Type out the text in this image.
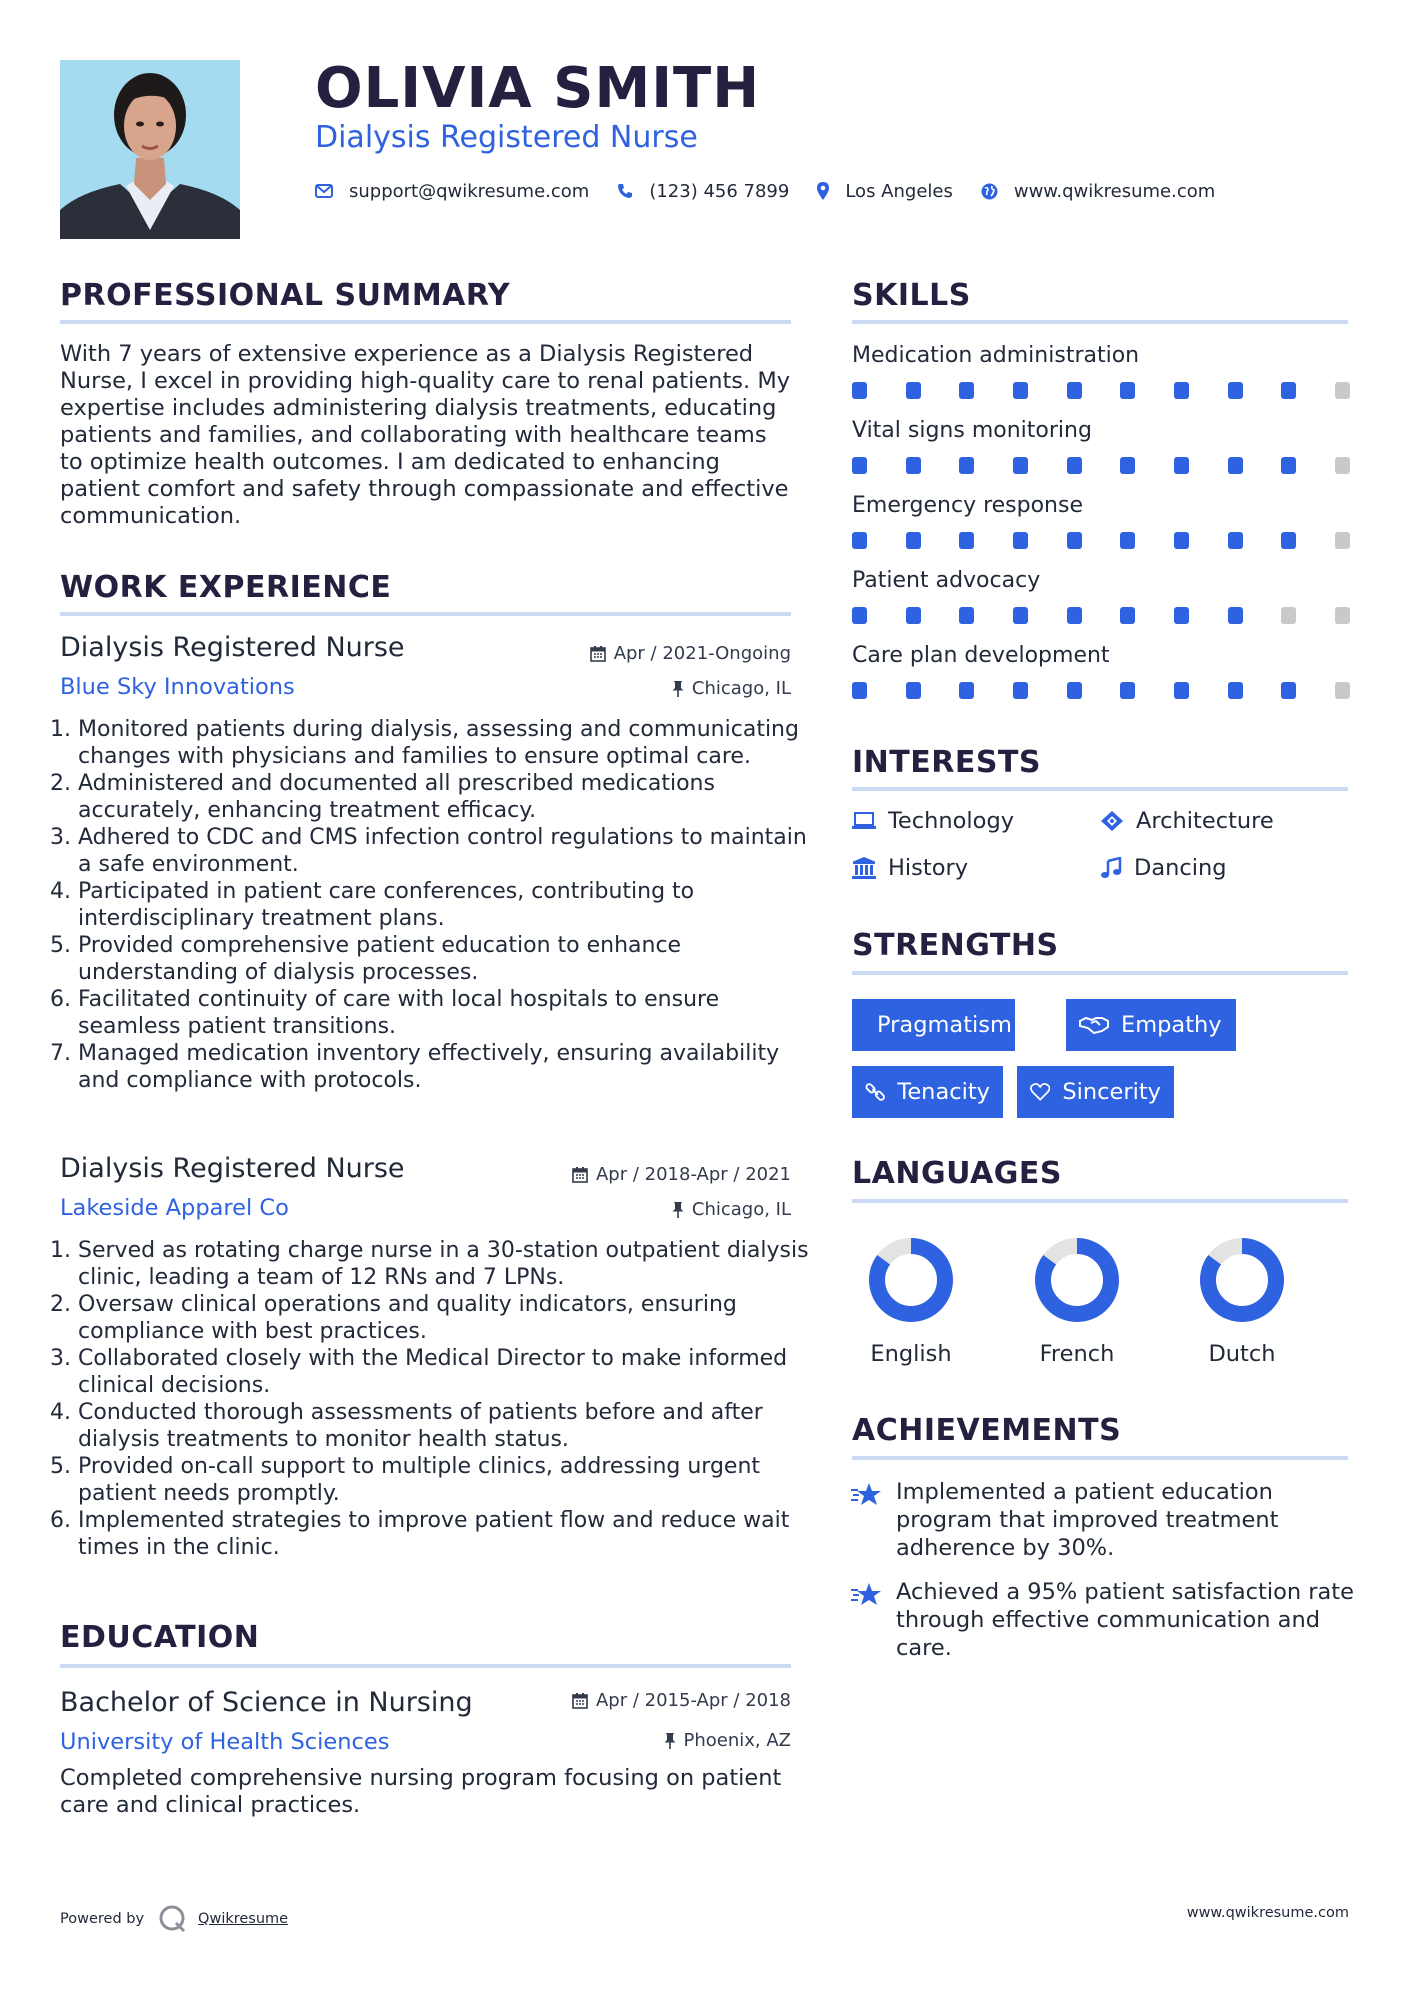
OLIVIA SMITH
Dialysis Registered Nurse
support@qwikresume.com	(123) 456 7899	Los Angeles	www.qwikresume.com
PROFESSIONAL SUMMARY
With 7 years of extensive experience as a Dialysis Registered Nurse, I excel in providing high-quality care to renal patients. My expertise includes administering dialysis treatments, educating patients and families, and collaborating with healthcare teams to optimize health outcomes. I am dedicated to enhancing patient comfort and safety through compassionate and effective communication.
WORK EXPERIENCE
Dialysis Registered Nurse	Apr / 2021-Ongoing
Blue Sky Innovations	Chicago, IL
1. Monitored patients during dialysis, assessing and communicating changes with physicians and families to ensure optimal care.
2. Administered and documented all prescribed medications accurately, enhancing treatment efficacy.
3. Adhered to CDC and CMS infection control regulations to maintain a safe environment.
4. Participated in patient care conferences, contributing to interdisciplinary treatment plans.
5. Provided comprehensive patient education to enhance understanding of dialysis processes.
6. Facilitated continuity of care with local hospitals to ensure seamless patient transitions.
7. Managed medication inventory effectively, ensuring availability and compliance with protocols.
Dialysis Registered Nurse	Apr / 2018-Apr / 2021
Lakeside Apparel Co	Chicago, IL
1. Served as rotating charge nurse in a 30-station outpatient dialysis clinic, leading a team of 12 RNs and 7 LPNs.
2. Oversaw clinical operations and quality indicators, ensuring compliance with best practices.
3. Collaborated closely with the Medical Director to make informed clinical decisions.
4. Conducted thorough assessments of patients before and after dialysis treatments to monitor health status.
5. Provided on-call support to multiple clinics, addressing urgent patient needs promptly.
6. Implemented strategies to improve patient flow and reduce wait times in the clinic.
EDUCATION
Bachelor of Science in Nursing	Apr / 2015-Apr / 2018
University of Health Sciences	Phoenix, AZ
Completed comprehensive nursing program focusing on patient care and clinical practices.
SKILLS
Medication administration
Vital signs monitoring
Emergency response
Patient advocacy
Care plan development
INTERESTS
Technology	Architecture
History	Dancing
STRENGTHS
Pragmatism	Empathy
Tenacity	Sincerity
LANGUAGES
English	French	Dutch
ACHIEVEMENTS
Implemented a patient education program that improved treatment adherence by 30%.
Achieved a 95% patient satisfaction rate through effective communication and care.
Powered by	Qwikresume	www.qwikresume.com
